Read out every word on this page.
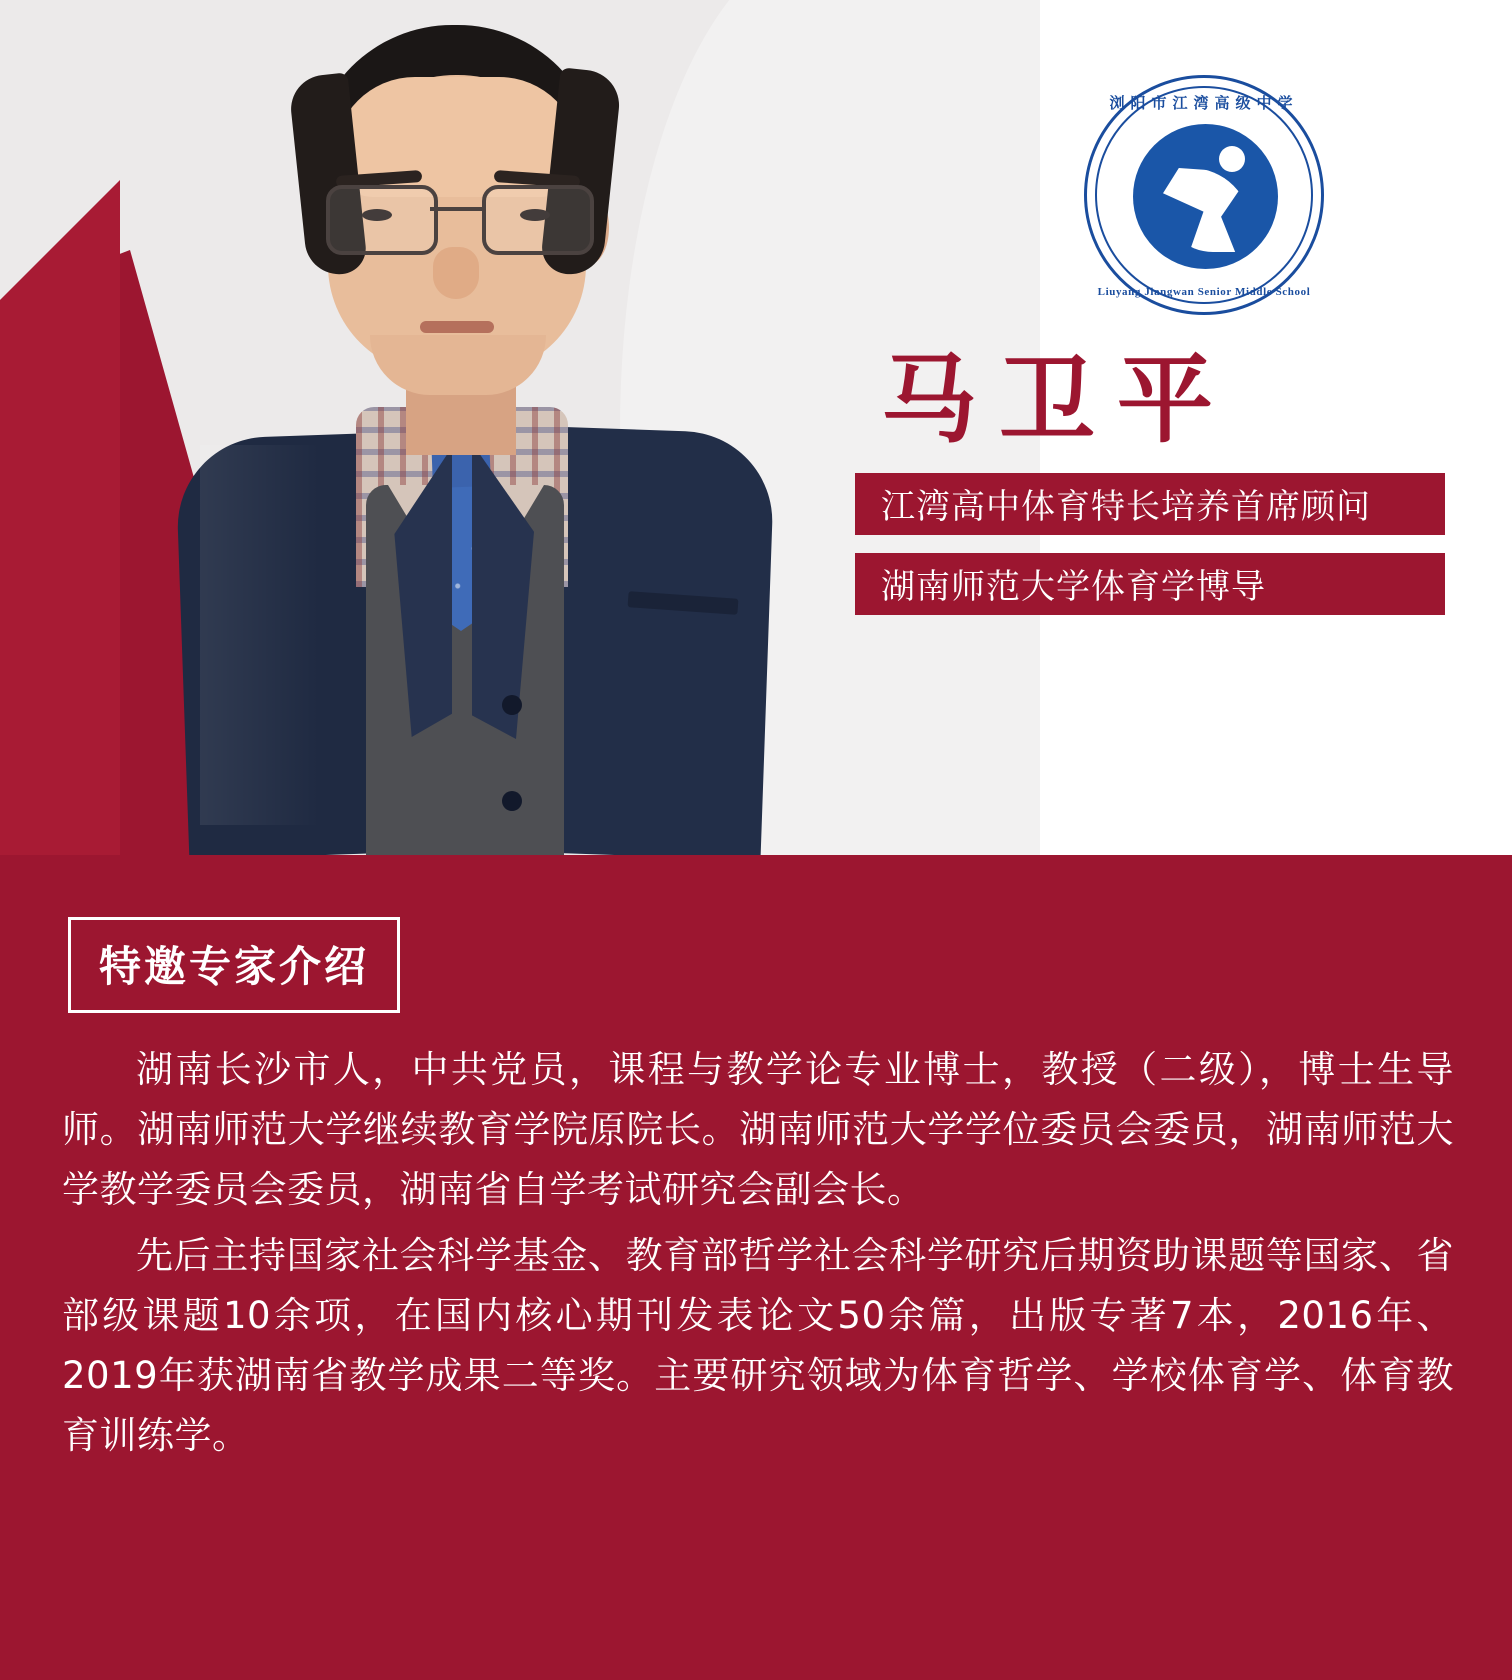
浏阳市江湾高级中学
Liuyang Jiangwan Senior Middle School
马卫平
江湾高中体育特长培养首席顾问
湖南师范大学体育学博导
特邀专家介绍

湖南长沙市人，中共党员，课程与教学论专业博士，教授（二级），博士生导师。湖南师范大学继续教育学院原院长。湖南师范大学学位委员会委员，湖南师范大学教学委员会委员，湖南省自学考试研究会副会长。

先后主持国家社会科学基金、教育部哲学社会科学研究后期资助课题等国家、省部级课题10余项，在国内核心期刊发表论文50余篇，出版专著7本，2016年、2019年获湖南省教学成果二等奖。主要研究领域为体育哲学、学校体育学、体育教育训练学。
